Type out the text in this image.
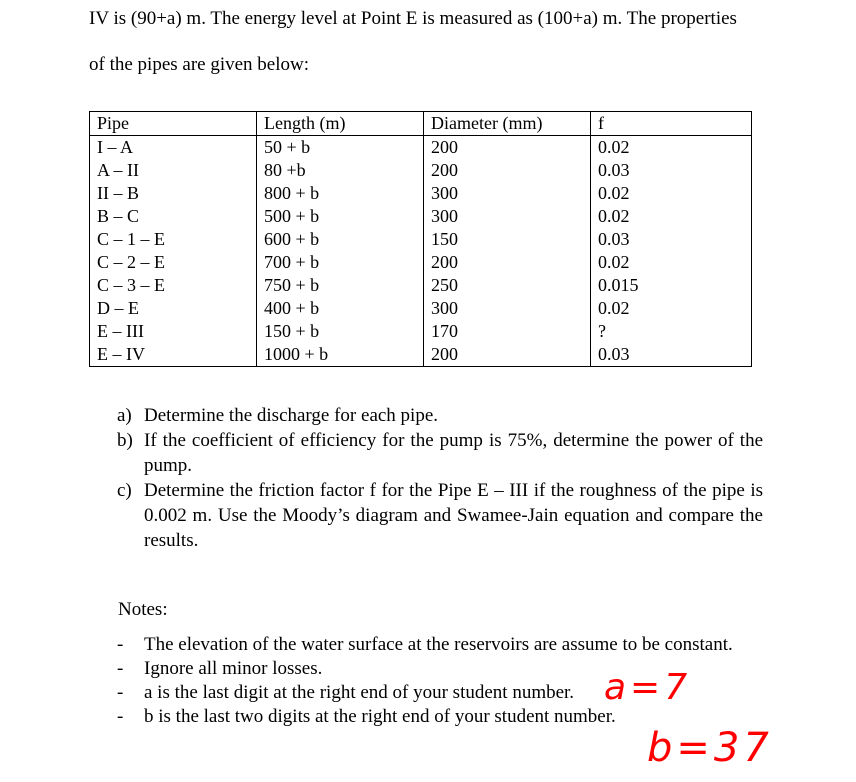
IV is (90+a) m. The energy level at Point E is measured as (100+a) m. The properties
of the pipes are given below:
Pipe	Length (m)	Diameter (mm)	f
I – A	50 + b	200	0.02
A – II	80 +b	200	0.03
II – B	800 + b	300	0.02
B – C	500 + b	300	0.02
C – 1 – E	600 + b	150	0.03
C – 2 – E	700 + b	200	0.02
C – 3 – E	750 + b	250	0.015
D – E	400 + b	300	0.02
E – III	150 + b	170	?
E – IV	1000 + b	200	0.03
a) Determine the discharge for each pipe.
b) If the coefficient of efficiency for the pump is 75%, determine the power of the pump.
c) Determine the friction factor f for the Pipe E – III if the roughness of the pipe is 0.002 m. Use the Moody’s diagram and Swamee-Jain equation and compare the results.
Notes:
-	The elevation of the water surface at the reservoirs are assume to be constant.
-	Ignore all minor losses.
-	a is the last digit at the right end of your student number.
-	b is the last two digits at the right end of your student number.
a=7
b=37
